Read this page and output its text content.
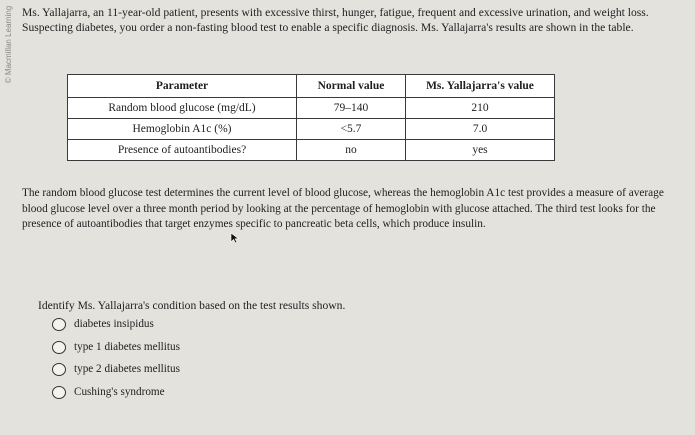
© Macmillan Learning Ms. Yallajarra, an 11-year-old patient, presents with excessive thirst, hunger, fatigue, frequent and excessive urination, and weight loss. Suspecting diabetes, you order a non-fasting blood test to enable a specific diagnosis. Ms. Yallajarra's results are shown in the table.

Parameter	Normal value	Ms. Yallajarra's value
Random blood glucose (mg/dL)	79–140	210
Hemoglobin A1c (%)	<5.7	7.0
Presence of autoantibodies?	no	yes

The random blood glucose test determines the current level of blood glucose, whereas the hemoglobin A1c test provides a measure of average blood glucose level over a three month period by looking at the percentage of hemoglobin with glucose attached. The third test looks for the presence of autoantibodies that target enzymes specific to pancreatic beta cells, which produce insulin.

Identify Ms. Yallajarra's condition based on the test results shown.

diabetes insipidus
type 1 diabetes mellitus
type 2 diabetes mellitus
Cushing's syndrome
